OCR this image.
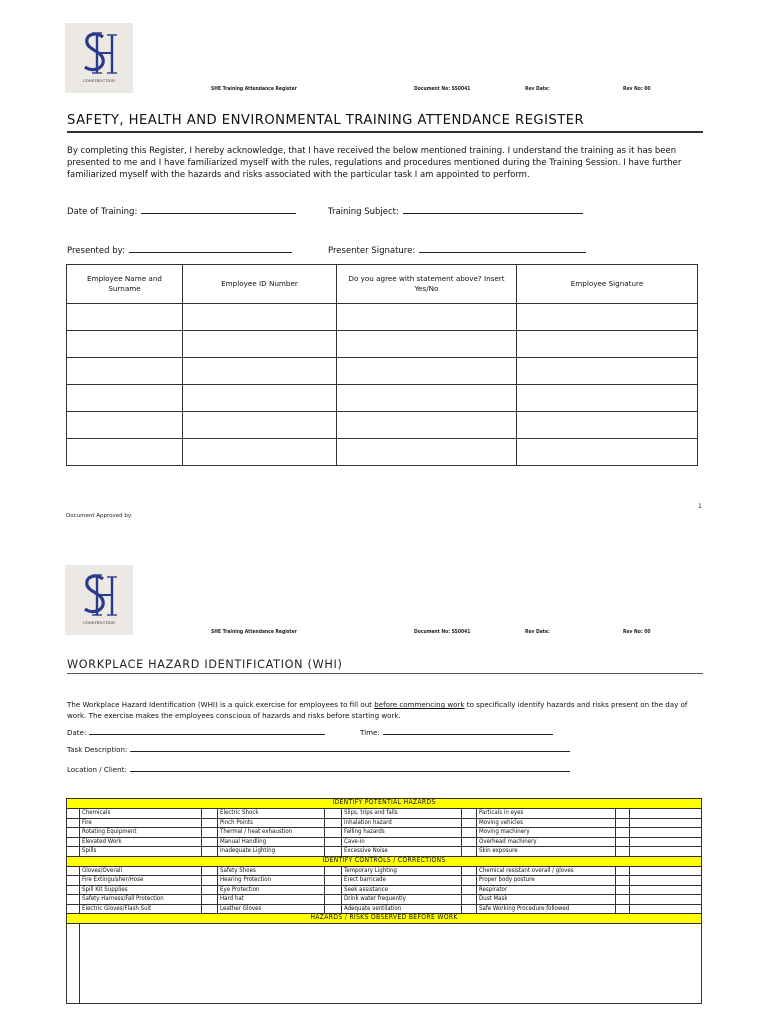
CONSTRUCTION
SHE Training Attendance Register	Document No: SS0041	Rev Date:	Rev No: 00
SAFETY, HEALTH AND ENVIRONMENTAL TRAINING ATTENDANCE REGISTER
By completing this Register, I hereby acknowledge, that I have received the below mentioned training. I understand the training as it has been presented to me and I have familiarized myself with the rules, regulations and procedures mentioned during the Training Session. I have further familiarized myself with the hazards and risks associated with the particular task I am appointed to perform.
Date of Training:	Training Subject:
Presented by:	Presenter Signature:
Employee Name and Surname	Employee ID Number	Do you agree with statement above? Insert Yes/No	Employee Signature

1
Document Approved by:
CONSTRUCTION
SHE Training Attendance Register	Document No: SS0041	Rev Date:	Rev No: 00
WORKPLACE HAZARD IDENTIFICATION (WHI)
The Workplace Hazard Identification (WHI) is a quick exercise for employees to fill out before commencing work to specifically identify hazards and risks present on the day of work. The exercise makes the employees conscious of hazards and risks before starting work.
Date:	Time:
Task Description:
Location / Client:
IDENTIFY POTENTIAL HAZARDS									
	Chemicals		Electric Shock		Slips, trips and falls		Particals in eyes		
	Fire		Pinch Points		Inhalation hazard		Moving vehicles		
	Rotating Equipment		Thermal / heat exhaustion		Falling hazards		Moving machinery		
	Elevated Work		Manual Handling		Cave-in		Overhead machinery		
	Spills		Inadequate Lighting		Excessive Noise		Skin exposure		
IDENTIFY CONTROLS / CORRECTIONS									
	Gloves/Overall		Safety Shoes		Temporary Lighting		Chemical resistant overall / gloves		
	Fire Extinguisher/Hose		Hearing Protection		Erect barricade		Proper body posture		
	Spill Kit Supplies		Eye Protection		Seek assistance		Respirator		
	Safety Harness/Fall Protection		Hard hat		Drink water frequently		Dust Mask		
	Electric Gloves/Flash Suit		Leather Gloves		Adequate ventilation		Safe Working Procedure followed		
HAZARDS / RISKS OBSERVED BEFORE WORK									
